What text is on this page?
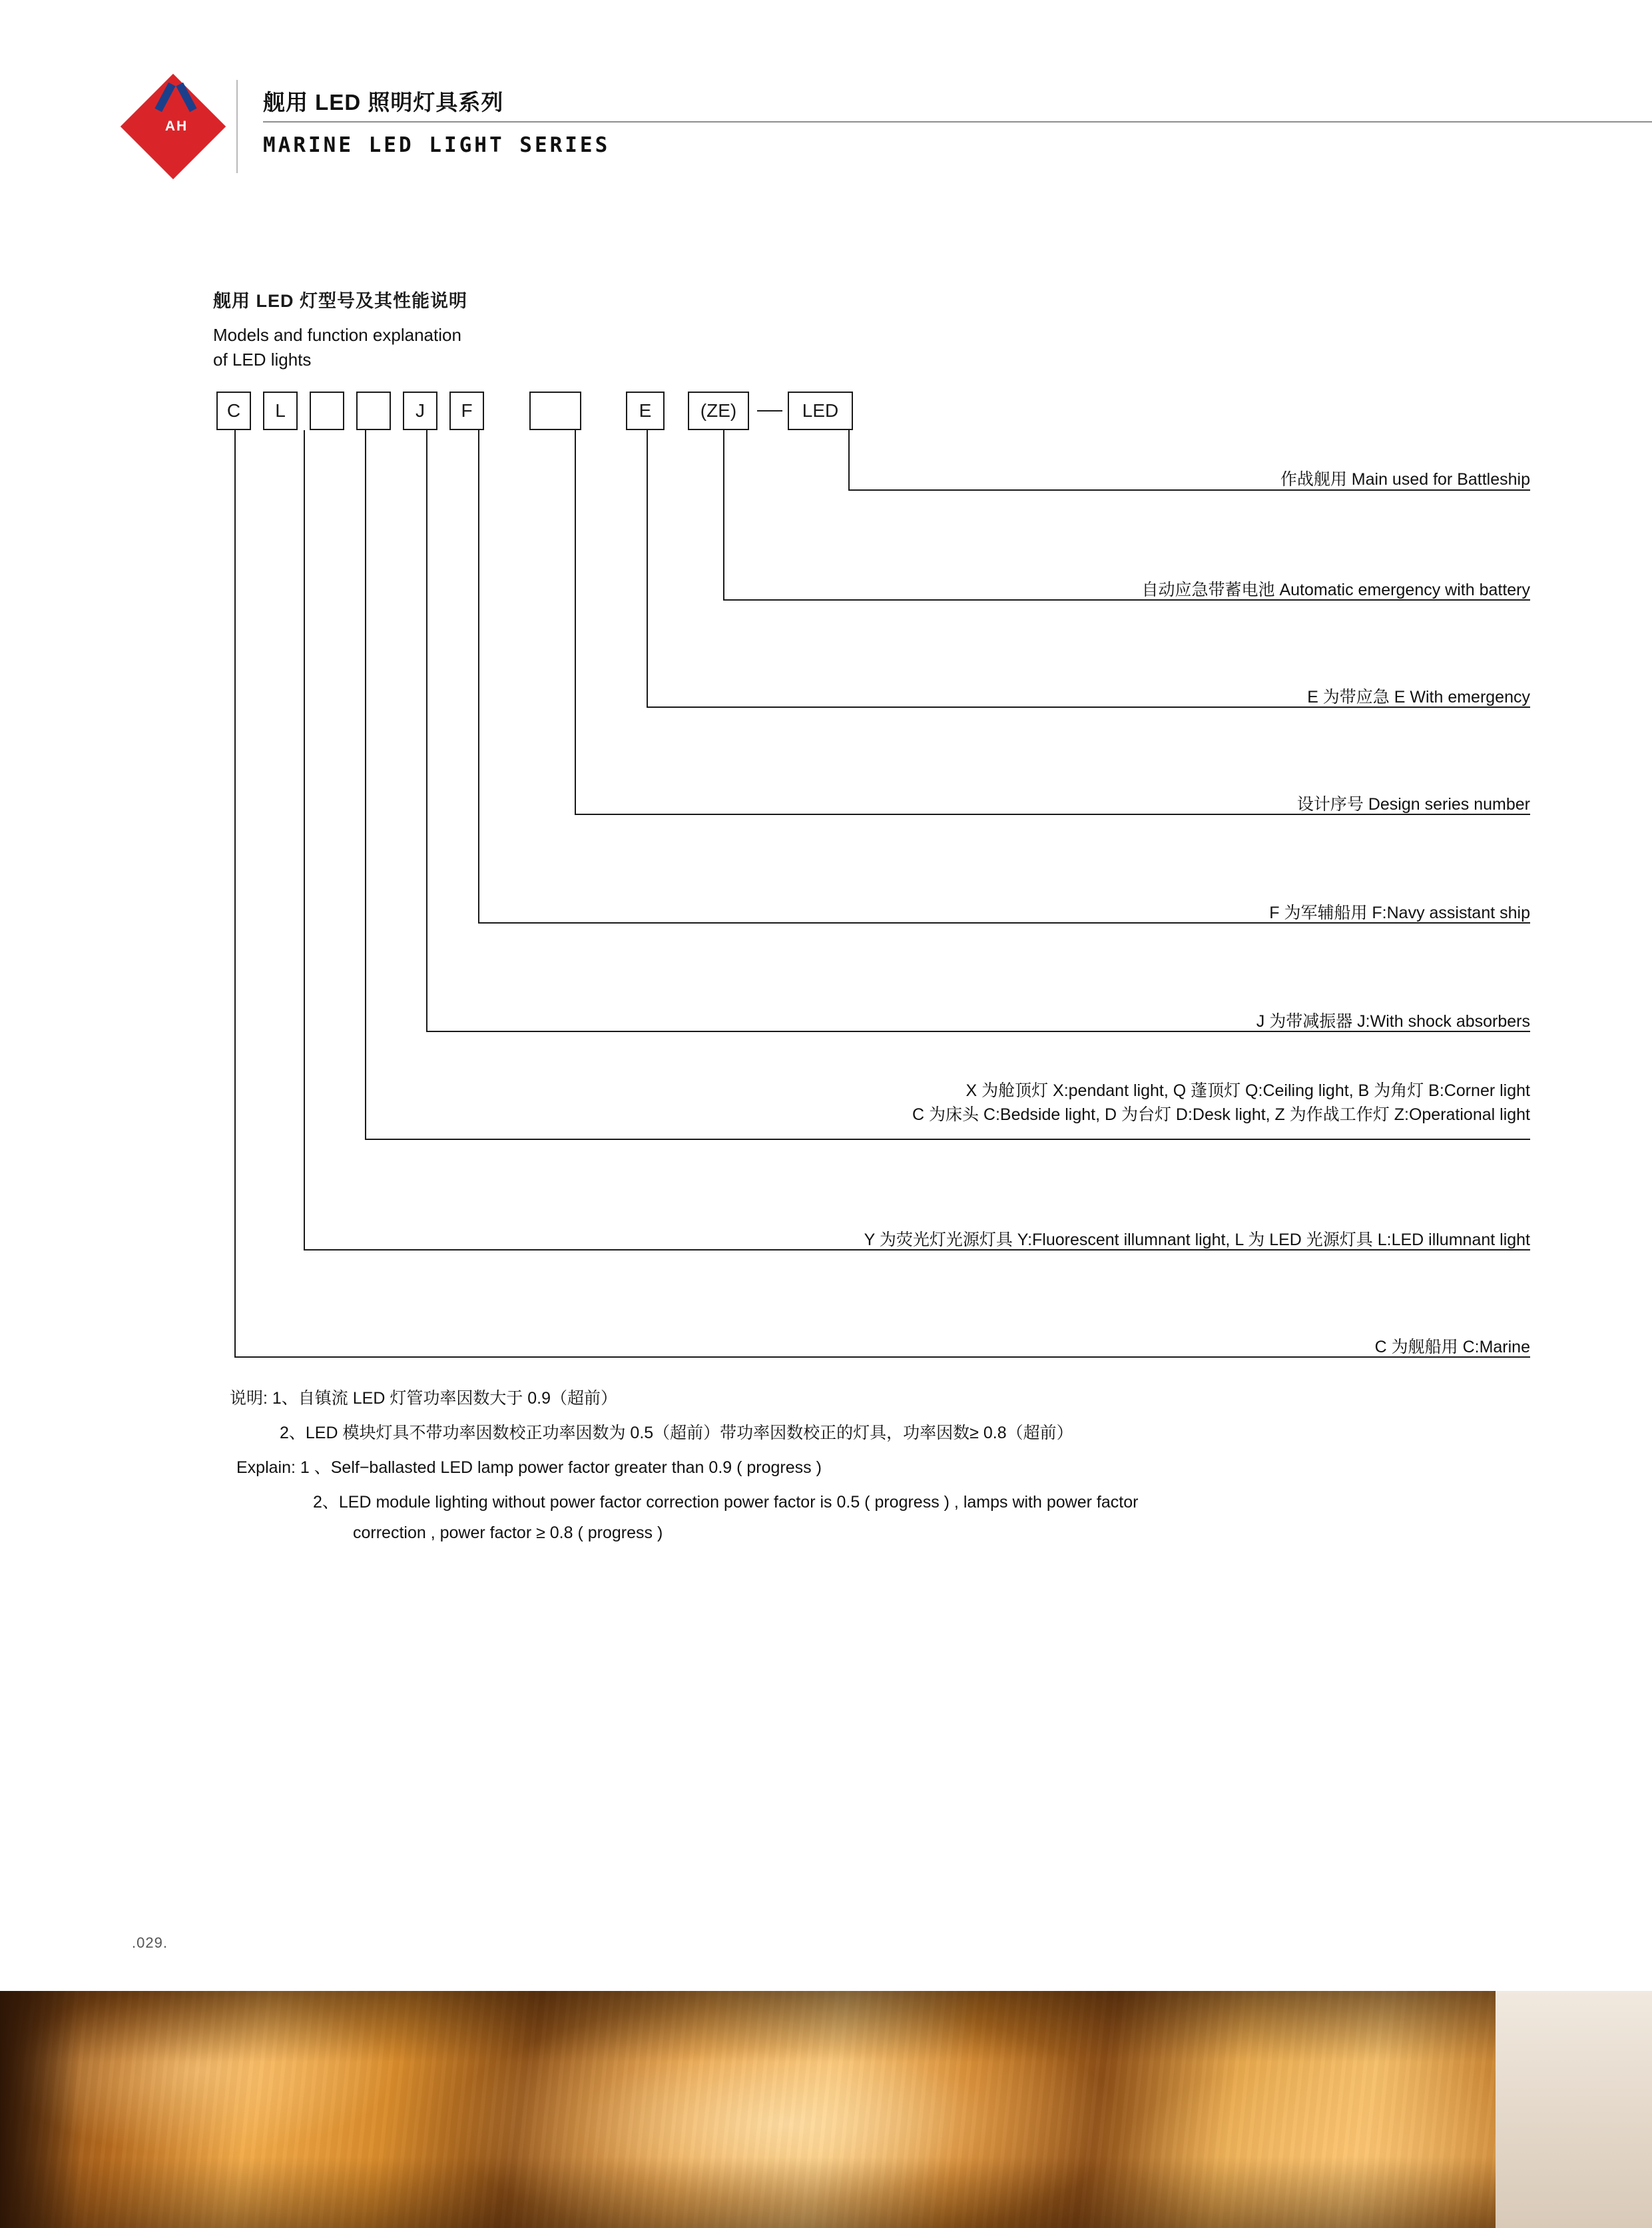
AH
舰用 LED 照明灯具系列
MARINE LED LIGHT SERIES
舰用 LED 灯型号及其性能说明
Models and function explanation
of LED lights
C	L	J	F	E	(ZE)	LED
作战舰用 Main used for Battleship
自动应急带蓄电池 Automatic emergency with battery
E 为带应急 E With emergency
设计序号 Design series number
F 为军辅船用 F:Navy assistant ship
J 为带减振器 J:With shock absorbers
X 为舱顶灯 X:pendant light, Q 蓬顶灯 Q:Ceiling light, B 为角灯 B:Corner light
C 为床头 C:Bedside light, D 为台灯 D:Desk light, Z 为作战工作灯 Z:Operational light
Y 为荧光灯光源灯具 Y:Fluorescent illumnant light, L 为 LED 光源灯具 L:LED illumnant light
C 为舰船用 C:Marine
说明: 1、自镇流 LED 灯管功率因数大于 0.9（超前）
2、LED 模块灯具不带功率因数校正功率因数为 0.5（超前）带功率因数校正的灯具，功率因数≥ 0.8（超前）
Explain: 1 、Self−ballasted LED lamp power factor greater than 0.9 ( progress )
2、LED module lighting without power factor correction power factor is 0.5 ( progress ) , lamps with power factor
correction , power factor ≥ 0.8 ( progress )
.029.
